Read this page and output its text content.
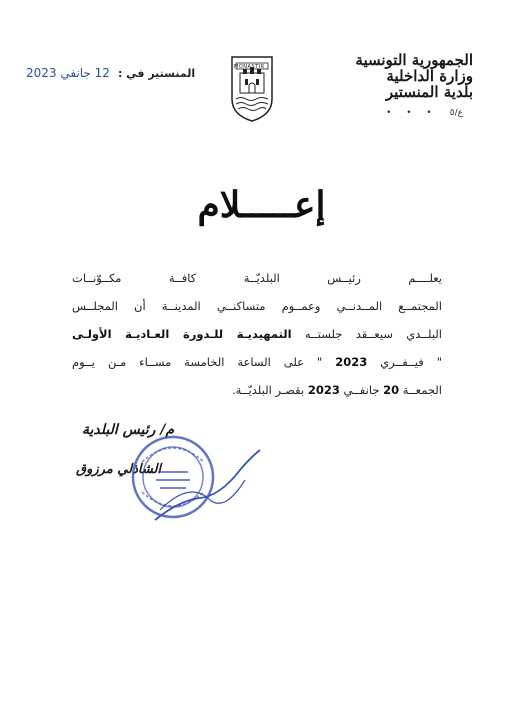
الجمهورية التونسية
وزارة الداخلية
بلدية المنستير
• • • ع/٥
MONASTIR
12 جانفي 2023 المنستير في :
إعـــــلام
يعلــــم رئيــس البلديّــة كافــة مكــوّنــات
المجتمــع المــدنــي وعمــوم متساكنــي المدينــة أن المجلــس
البلــدي سيعــقد جلستــه التمهيديـة للـدورة العـاديـة الأولـى
" فيــفــري 2023 " على الساعة الخامسة مســاء مـن يــوم
الجمعــة 20 جانفــي 2023 بقصـر البلديّــة.
م/ رئيس البلدية
الشاذلي مرزوق
